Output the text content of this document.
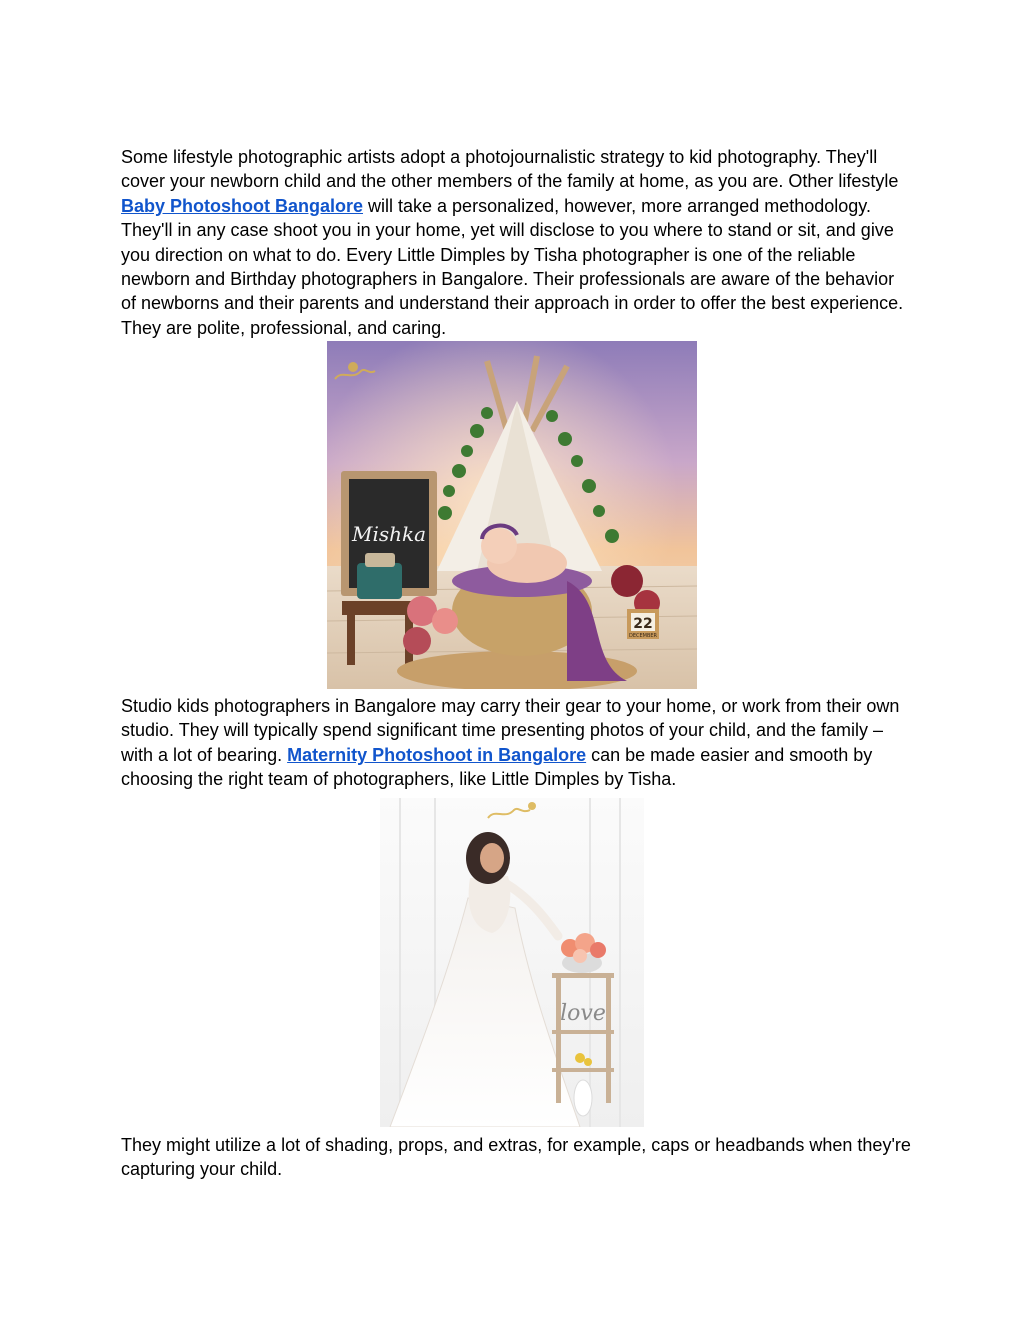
Some lifestyle photographic artists adopt a photojournalistic strategy to kid photography. They'll cover your newborn child and the other members of the family at home, as you are. Other lifestyle Baby Photoshoot Bangalore will take a personalized, however, more arranged methodology. They'll in any case shoot you in your home, yet will disclose to you where to stand or sit, and give you direction on what to do. Every Little Dimples by Tisha photographer is one of the reliable newborn and Birthday photographers in Bangalore. Their professionals are aware of the behavior of newborns and their parents and understand their approach in order to offer the best experience. They are polite, professional, and caring.

Mishka
22
DECEMBER

Studio kids photographers in Bangalore may carry their gear to your home, or work from their own studio. They will typically spend significant time presenting photos of your child, and the family – with a lot of bearing. Maternity Photoshoot in Bangalore can be made easier and smooth by choosing the right team of photographers, like Little Dimples by Tisha.

love

They might utilize a lot of shading, props, and extras, for example, caps or headbands when they're capturing your child.
